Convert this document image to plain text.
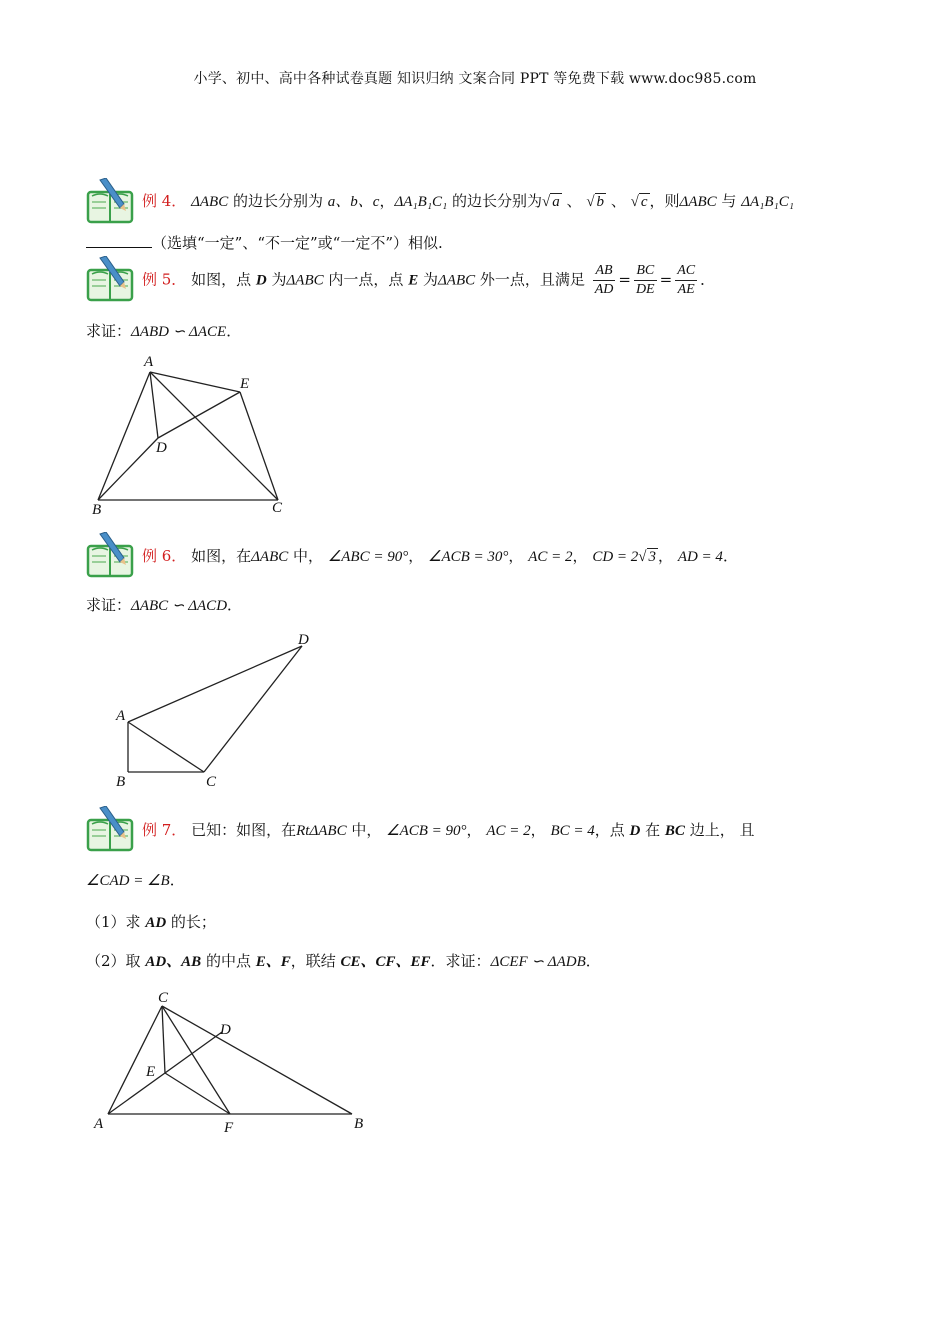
小学、初中、高中各种试卷真题 知识归纳 文案合同 PPT 等免费下载 www.doc985.com
例 4． ΔABC 的边长分别为 a、b、c，ΔA₁B₁C₁ 的边长分别为√ a 、 √ b 、 √ c ，则ΔABC 与 ΔA₁B₁C₁
（选填“一定”、“不一定”或“一定不”）相似.
例 5． 如图，点 D 为ΔABC 内一点，点 E 为ΔABC 外一点，且满足 $\frac{AB}{AD} = \frac{BC}{DE} = \frac{AC}{AE}$ ．
求证：ΔABD ∽ ΔACE．
A
E
D
B	C
例 6． 如图，在ΔABC 中， ∠ABC = 90°， ∠ACB = 30°， AC = 2， CD = 2√ 3 ， AD = 4．
求证：ΔABC ∽ ΔACD．
D
A
B	C
例 7． 已知：如图，在RtΔABC 中， ∠ACB = 90°， AC = 2， BC = 4，点 D 在 BC 边上， 且
∠CAD = ∠B．
（1）求 AD 的长；
（2）取 AD、AB 的中点 E、F，联结 CE、CF、EF．求证：ΔCEF ∽ ΔADB．
C
D
E
A	F	B
